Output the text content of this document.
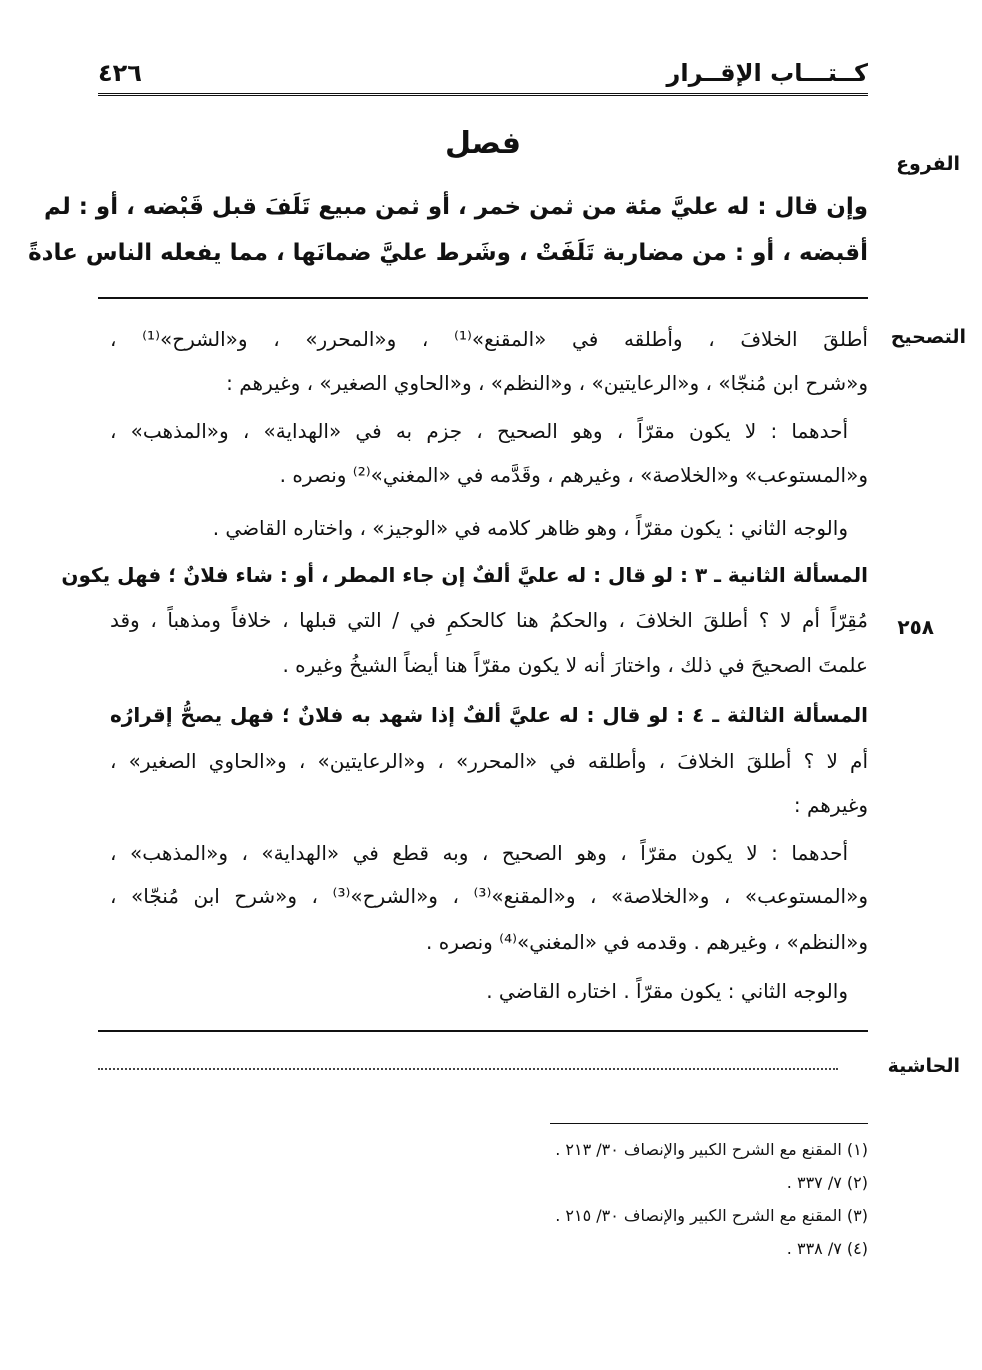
كــتـــاب الإقــرار
٤٢٦
الفروع
فصل
وإن قال : له عليَّ مئة من ثمن خمر ، أو ثمن مبيع تَلَفَ قبل قَبْضه ، أو : لم
أقبضه ، أو : من مضاربة تَلَفَتْ ، وشَرط عليَّ ضمانَها ، مما يفعله الناس عادةً
التصحيح
٢٥٨
أطلقَ الخلافَ ، وأطلقه في «المقنع»⁽¹⁾ ، و«المحرر» ، و«الشرح»⁽¹⁾ ،
و«شرح ابن مُنجّا» ، و«الرعايتين» ، و«النظم» ، و«الحاوي الصغير» ، وغيرهم :
أحدهما : لا يكون مقرّاً ، وهو الصحيح ، جزم به في «الهداية» ، و«المذهب» ،
و«المستوعب» و«الخلاصة» ، وغيرهم ، وقَدَّمه في «المغني»⁽²⁾ ونصره .
والوجه الثاني : يكون مقرّاً ، وهو ظاهر كلامه في «الوجيز» ، واختاره القاضي .
المسألة الثانية ـ ٣ : لو قال : له عليَّ ألفٌ إن جاء المطر ، أو : شاء فلانٌ ؛ فهل يكون
مُقِرّاً أم لا ؟ أطلقَ الخلافَ ، والحكمُ هنا كالحكمِ في / التي قبلها ، خلافاً ومذهباً ، وقد
علمتَ الصحيحَ في ذلك ، واختارَ أنه لا يكون مقرّاً هنا أيضاً الشيخُ وغيره .
المسألة الثالثة ـ ٤ : لو قال : له عليَّ ألفٌ إذا شهد به فلانٌ ؛ فهل يصحُّ إقرارُه
أم لا ؟ أطلقَ الخلافَ ، وأطلقه في «المحرر» ، و«الرعايتين» ، و«الحاوي الصغير» ،
وغيرهم :
أحدهما : لا يكون مقرّاً ، وهو الصحيح ، وبه قطع في «الهداية» ، و«المذهب» ،
و«المستوعب» ، و«الخلاصة» ، و«المقنع»⁽³⁾ ، و«الشرح»⁽³⁾ ، و«شرح ابن مُنجّا» ،
و«النظم» ، وغيرهم . وقدمه في «المغني»⁽⁴⁾ ونصره .
والوجه الثاني : يكون مقرّاً . اختاره القاضي .
الحاشية
(١) المقنع مع الشرح الكبير والإنصاف ٣٠/ ٢١٣ .
(٢) ٧/ ٣٣٧ .
(٣) المقنع مع الشرح الكبير والإنصاف ٣٠/ ٢١٥ .
(٤) ٧/ ٣٣٨ .
